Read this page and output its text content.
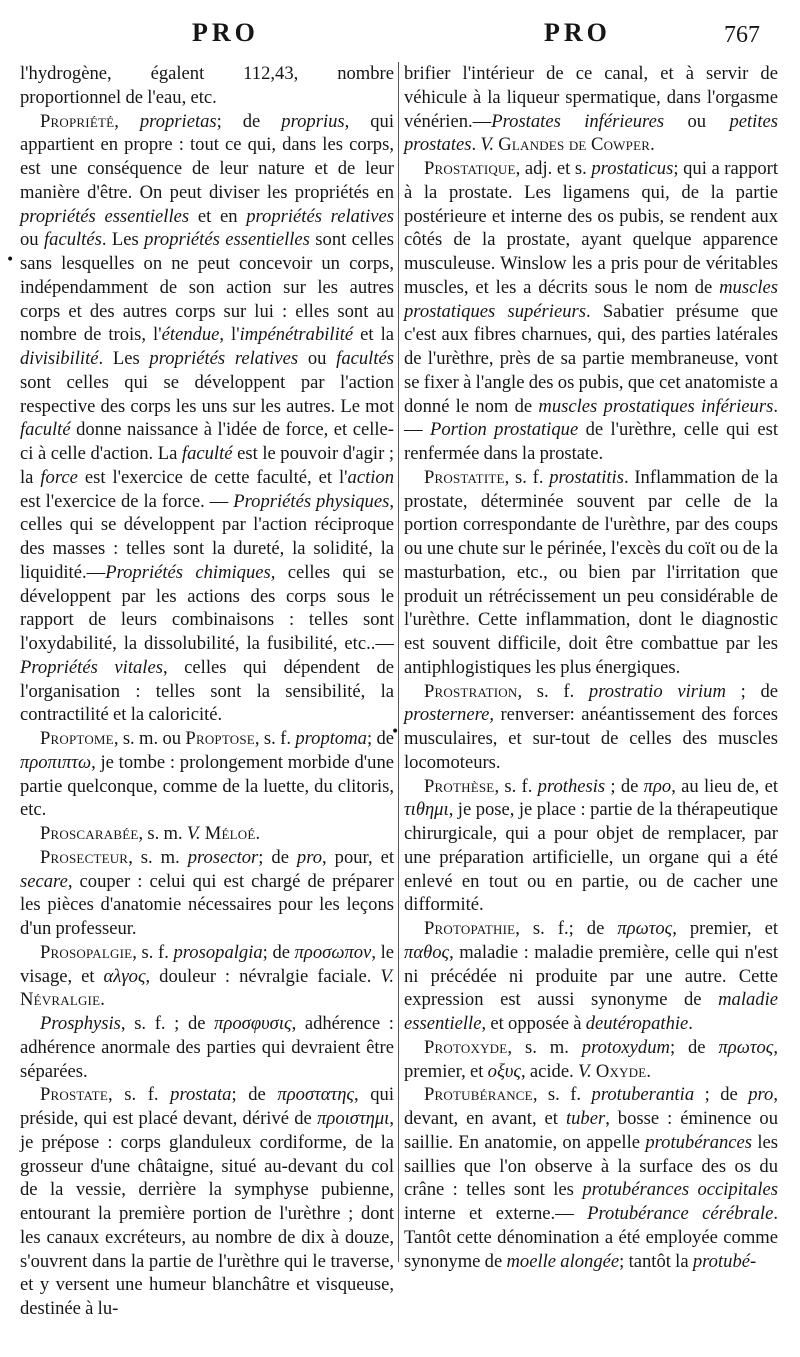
PRO	PRO	767
•
•

l'hydrogène, égalent 112,43, nombre proportionnel de l'eau, etc.

Propriété, proprietas; de proprius, qui appartient en propre : tout ce qui, dans les corps, est une conséquence de leur nature et de leur manière d'être. On peut diviser les propriétés en propriétés essentielles et en propriétés relatives ou facultés. Les propriétés essentielles sont celles sans lesquelles on ne peut concevoir un corps, indépendamment de son action sur les autres corps et des autres corps sur lui : elles sont au nombre de trois, l'étendue, l'impénétrabilité et la divisibilité. Les propriétés relatives ou facultés sont celles qui se développent par l'action respective des corps les uns sur les autres. Le mot faculté donne naissance à l'idée de force, et celle-ci à celle d'action. La faculté est le pouvoir d'agir ; la force est l'exercice de cette faculté, et l'action est l'exercice de la force. — Propriétés physiques, celles qui se développent par l'action réciproque des masses : telles sont la dureté, la solidité, la liquidité.—Propriétés chimiques, celles qui se développent par les actions des corps sous le rapport de leurs combinaisons : telles sont l'oxydabilité, la dissolubilité, la fusibilité, etc..—Propriétés vitales, celles qui dépendent de l'organisation : telles sont la sensibilité, la contractilité et la caloricité.

Proptome, s. m. ou Proptose, s. f. proptoma; de προπιπτω, je tombe : prolongement morbide d'une partie quelconque, comme de la luette, du clitoris, etc.

Proscarabée, s. m. V. Méloé.

Prosecteur, s. m. prosector; de pro, pour, et secare, couper : celui qui est chargé de préparer les pièces d'anatomie nécessaires pour les leçons d'un professeur.

Prosopalgie, s. f. prosopalgia; de προσωπον, le visage, et αλγος, douleur : névralgie faciale. V. Névralgie.

Prosphysis, s. f. ; de προσφυσις, adhérence : adhérence anormale des parties qui devraient être séparées.

Prostate, s. f. prostata; de προστατης, qui préside, qui est placé devant, dérivé de προιστημι, je prépose : corps glanduleux cordiforme, de la grosseur d'une châtaigne, situé au-devant du col de la vessie, derrière la symphyse pubienne, entourant la première portion de l'urèthre ; dont les canaux excréteurs, au nombre de dix à douze, s'ouvrent dans la partie de l'urèthre qui le traverse, et y versent une humeur blanchâtre et visqueuse, destinée à lu-

brifier l'intérieur de ce canal, et à servir de véhicule à la liqueur spermatique, dans l'orgasme vénérien.—Prostates inférieures ou petites prostates. V. Glandes de Cowper.

Prostatique, adj. et s. prostaticus; qui a rapport à la prostate. Les ligamens qui, de la partie postérieure et interne des os pubis, se rendent aux côtés de la prostate, ayant quelque apparence musculeuse. Winslow les a pris pour de véritables muscles, et les a décrits sous le nom de muscles prostatiques supérieurs. Sabatier présume que c'est aux fibres charnues, qui, des parties latérales de l'urèthre, près de sa partie membraneuse, vont se fixer à l'angle des os pubis, que cet anatomiste a donné le nom de muscles prostatiques inférieurs.— Portion prostatique de l'urèthre, celle qui est renfermée dans la prostate.

Prostatite, s. f. prostatitis. Inflammation de la prostate, déterminée souvent par celle de la portion correspondante de l'urèthre, par des coups ou une chute sur le périnée, l'excès du coït ou de la masturbation, etc., ou bien par l'irritation que produit un rétrécissement un peu considérable de l'urèthre. Cette inflammation, dont le diagnostic est souvent difficile, doit être combattue par les antiphlogistiques les plus énergiques.

Prostration, s. f. prostratio virium ; de prosternere, renverser: anéantissement des forces musculaires, et sur-tout de celles des muscles locomoteurs.

Prothèse, s. f. prothesis ; de προ, au lieu de, et τιθημι, je pose, je place : partie de la thérapeutique chirurgicale, qui a pour objet de remplacer, par une préparation artificielle, un organe qui a été enlevé en tout ou en partie, ou de cacher une difformité.

Protopathie, s. f.; de πρωτος, premier, et παθος, maladie : maladie première, celle qui n'est ni précédée ni produite par une autre. Cette expression est aussi synonyme de maladie essentielle, et opposée à deutéropathie.

Protoxyde, s. m. protoxydum; de πρωτος, premier, et οξυς, acide. V. Oxyde.

Protubérance, s. f. protuberantia ; de pro, devant, en avant, et tuber, bosse : éminence ou saillie. En anatomie, on appelle protubérances les saillies que l'on observe à la surface des os du crâne : telles sont les protubérances occipitales interne et externe.— Protubérance cérébrale. Tantôt cette dénomination a été employée comme synonyme de moelle alongée; tantôt la protubé-
